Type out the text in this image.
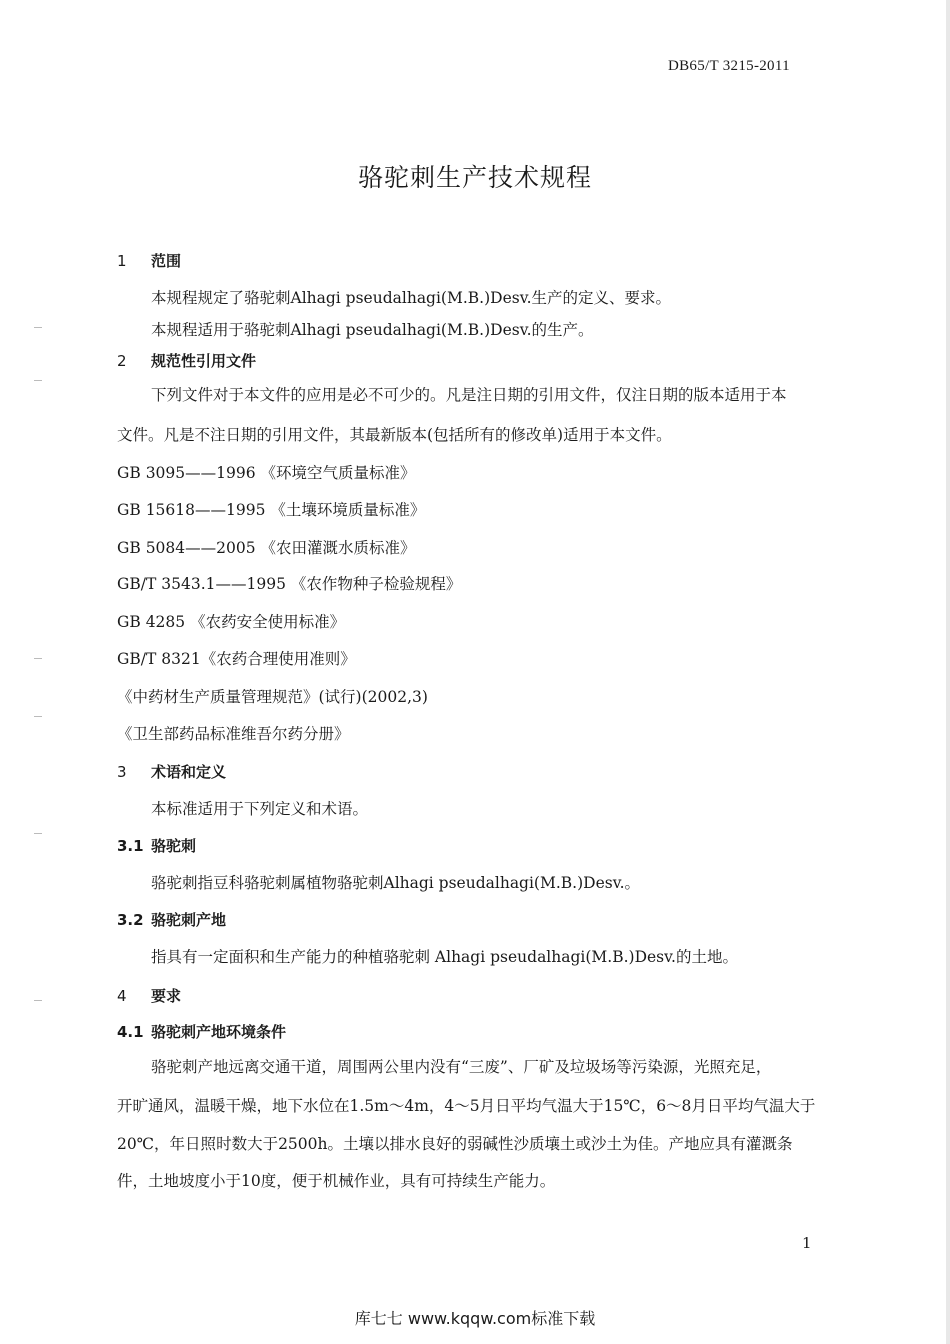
DB65/T 3215-2011
骆驼刺生产技术规程
1 范围
本规程规定了骆驼刺Alhagi pseudalhagi(M.B.)Desv.生产的定义、要求。
本规程适用于骆驼刺Alhagi pseudalhagi(M.B.)Desv.的生产。
2 规范性引用文件
下列文件对于本文件的应用是必不可少的。凡是注日期的引用文件，仅注日期的版本适用于本
文件。凡是不注日期的引用文件，其最新版本(包括所有的修改单)适用于本文件。
GB 3095——1996 《环境空气质量标准》
GB 15618——1995 《土壤环境质量标准》
GB 5084——2005 《农田灌溉水质标准》
GB/T 3543.1——1995 《农作物种子检验规程》
GB 4285 《农药安全使用标准》
GB/T 8321《农药合理使用准则》
《中药材生产质量管理规范》(试行)(2002,3)
《卫生部药品标准维吾尔药分册》
3 术语和定义
本标准适用于下列定义和术语。
3.1 骆驼刺
骆驼刺指豆科骆驼刺属植物骆驼刺Alhagi pseudalhagi(M.B.)Desv.。
3.2 骆驼刺产地
指具有一定面积和生产能力的种植骆驼刺 Alhagi pseudalhagi(M.B.)Desv.的土地。
4 要求
4.1 骆驼刺产地环境条件
骆驼刺产地远离交通干道，周围两公里内没有“三废”、厂矿及垃圾场等污染源，光照充足，
开旷通风，温暖干燥，地下水位在1.5m～4m，4～5月日平均气温大于15℃，6～8月日平均气温大于
20℃，年日照时数大于2500h。土壤以排水良好的弱碱性沙质壤土或沙土为佳。产地应具有灌溉条
件，土地坡度小于10度，便于机械作业，具有可持续生产能力。
1
库七七 www.kqqw.com标准下载
